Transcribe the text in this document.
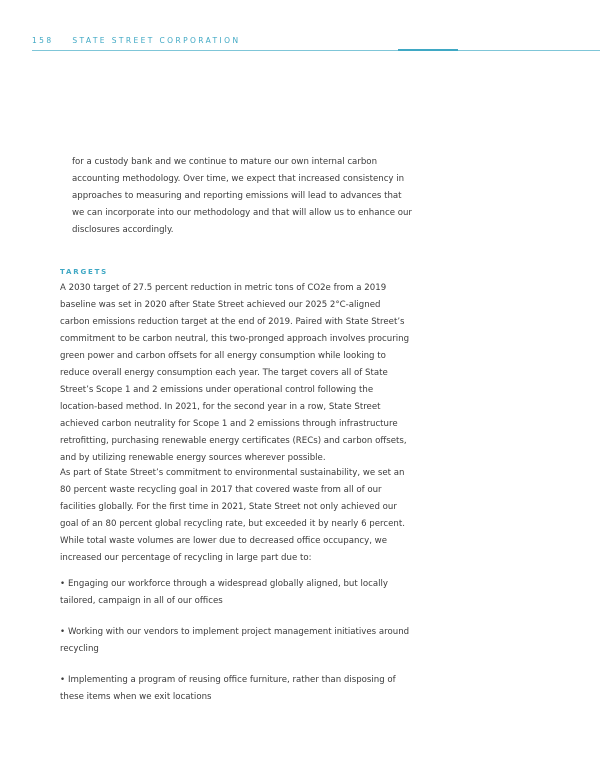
158	STATE STREET CORPORATION

for a custody bank and we continue to mature our own internal carbon accounting methodology. Over time, we expect that increased consistency in approaches to measuring and reporting emissions will lead to advances that we can incorporate into our methodology and that will allow us to enhance our disclosures accordingly.

TARGETS

A 2030 target of 27.5 percent reduction in metric tons of CO2e from a 2019 baseline was set in 2020 after State Street achieved our 2025 2°C-aligned carbon emissions reduction target at the end of 2019. Paired with State Street’s commitment to be carbon neutral, this two-pronged approach involves procuring green power and carbon offsets for all energy consumption while looking to reduce overall energy consumption each year. The target covers all of State Street’s Scope 1 and 2 emissions under operational control following the location-based method. In 2021, for the second year in a row, State Street achieved carbon neutrality for Scope 1 and 2 emissions through infrastructure retrofitting, purchasing renewable energy certificates (RECs) and carbon offsets, and by utilizing renewable energy sources wherever possible.

As part of State Street’s commitment to environmental sustainability, we set an 80 percent waste recycling goal in 2017 that covered waste from all of our facilities globally. For the first time in 2021, State Street not only achieved our goal of an 80 percent global recycling rate, but exceeded it by nearly 6 percent. While total waste volumes are lower due to decreased office occupancy, we increased our percentage of recycling in large part due to:

• Engaging our workforce through a widespread globally aligned, but locally tailored, campaign in all of our offices

• Working with our vendors to implement project management initiatives around recycling

• Implementing a program of reusing office furniture, rather than disposing of these items when we exit locations
